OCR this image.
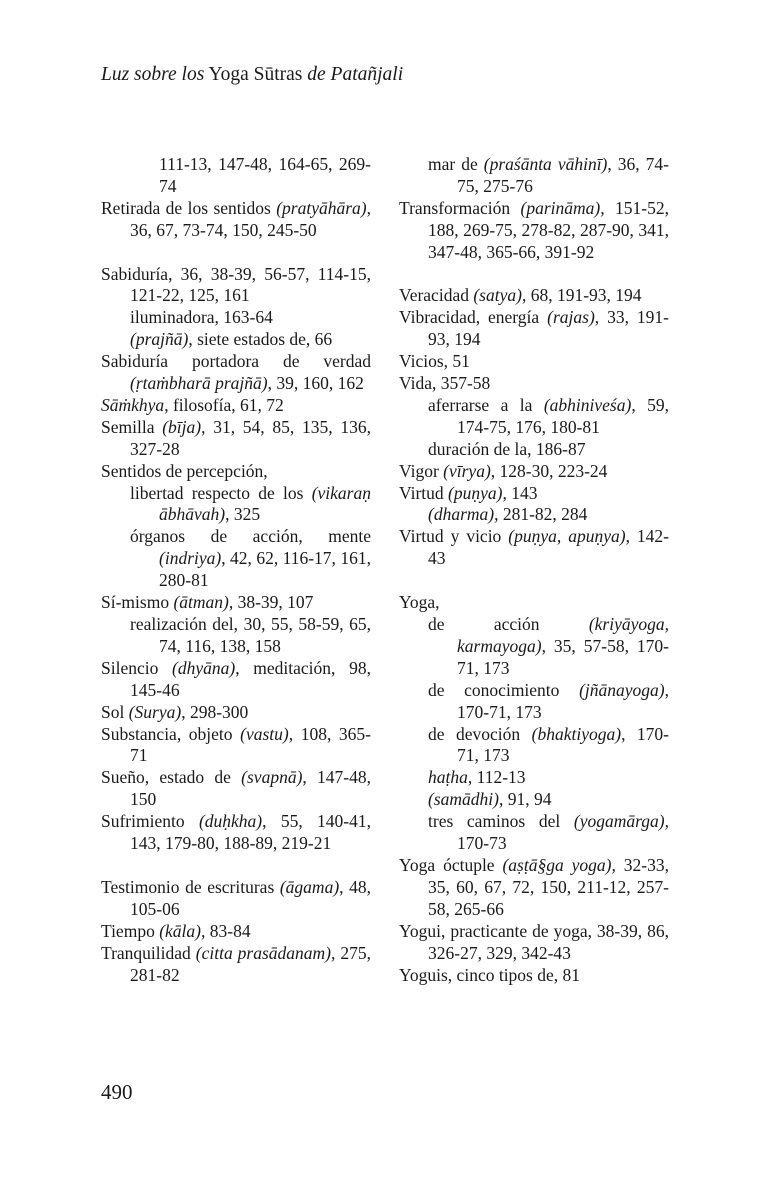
Luz sobre los Yoga Sūtras de Patañjali
111-13, 147-48, 164-65, 269-74
Retirada de los sentidos (pratyāhāra), 36, 67, 73-74, 150, 245-50
Sabiduría, 36, 38-39, 56-57, 114-15, 121-22, 125, 161
iluminadora, 163-64
(prajñā), siete estados de, 66
Sabiduría portadora de verdad (ṛtaṁbharā prajñā), 39, 160, 162
Sāṁkhya, filosofía, 61, 72
Semilla (bīja), 31, 54, 85, 135, 136, 327-28
Sentidos de percepción,
libertad respecto de los (vikaraṇ ābhāvah), 325
órganos de acción, mente (indriya), 42, 62, 116-17, 161, 280-81
Sí-mismo (ātman), 38-39, 107
realización del, 30, 55, 58-59, 65, 74, 116, 138, 158
Silencio (dhyāna), meditación, 98, 145-46
Sol (Surya), 298-300
Substancia, objeto (vastu), 108, 365-71
Sueño, estado de (svapnā), 147-48, 150
Sufrimiento (duḥkha), 55, 140-41, 143, 179-80, 188-89, 219-21
Testimonio de escrituras (āgama), 48, 105-06
Tiempo (kāla), 83-84
Tranquilidad (citta prasādanam), 275, 281-82
mar de (praśānta vāhinī), 36, 74-75, 275-76
Transformación (parināma), 151-52, 188, 269-75, 278-82, 287-90, 341, 347-48, 365-66, 391-92
Veracidad (satya), 68, 191-93, 194
Vibracidad, energía (rajas), 33, 191-93, 194
Vicios, 51
Vida, 357-58
aferrarse a la (abhiniveśa), 59, 174-75, 176, 180-81
duración de la, 186-87
Vigor (vīrya), 128-30, 223-24
Virtud (puṇya), 143
(dharma), 281-82, 284
Virtud y vicio (puṇya, apuṇya), 142-43
Yoga,
de acción (kriyāyoga, karmayoga), 35, 57-58, 170-71, 173
de conocimiento (jñānayoga), 170-71, 173
de devoción (bhaktiyoga), 170-71, 173
haṭha, 112-13
(samādhi), 91, 94
tres caminos del (yogamārga), 170-73
Yoga óctuple (aṣṭā§ga yoga), 32-33, 35, 60, 67, 72, 150, 211-12, 257-58, 265-66
Yogui, practicante de yoga, 38-39, 86, 326-27, 329, 342-43
Yoguis, cinco tipos de, 81
490
